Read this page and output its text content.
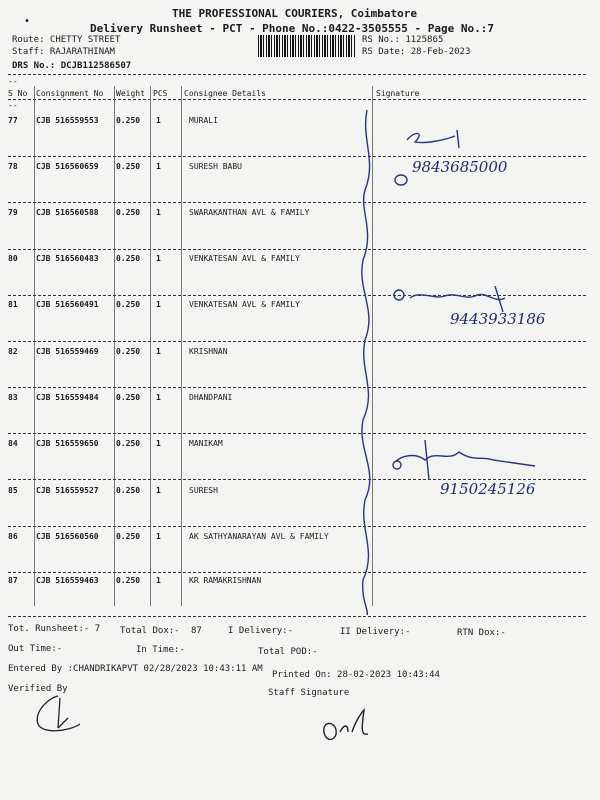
THE PROFESSIONAL COURIERS, Coimbatore
Delivery Runsheet - PCT - Phone No.:0422-3505555 - Page No.:7
•
Route: CHETTY STREET
Staff: RAJARATHINAM
DRS No.: DCJB112586507
RS No.: 1125865
RS Date: 28-Feb-2023
--
S No Consignment No Weight PCS Consignee Details	Signature
--
77 CJB 516559553 0.250 1	MURALI
78 CJB 516560659 0.250 1	SURESH BABU
79 CJB 516560588 0.250 1	SWARAKANTHAN AVL & FAMILY
80 CJB 516560483 0.250 1	VENKATESAN AVL & FAMILY
81 CJB 516560491 0.250 1	VENKATESAN AVL & FAMILY
82 CJB 516559469 0.250 1	KRISHNAN
83 CJB 516559484 0.250 1	DHANDPANI
84 CJB 516559650 0.250 1	MANIKAM
85 CJB 516559527 0.250 1	SURESH
86 CJB 516560560 0.250 1	AK SATHYANARAYAN AVL & FAMILY
87 CJB 516559463 0.250 1	KR RAMAKRISHNAN
9843685000
9443933186
9150245126
Tot. Runsheet:- 7 Total Dox:- 87	I Delivery:-	II Delivery:-	RTN Dox:-
Out Time:-	In Time:-	Total POD:-
Entered By :CHANDRIKAPVT 02/28/2023 10:43:11 AM
Printed On: 28-02-2023 10:43:44
Verified By	Staff Signature
